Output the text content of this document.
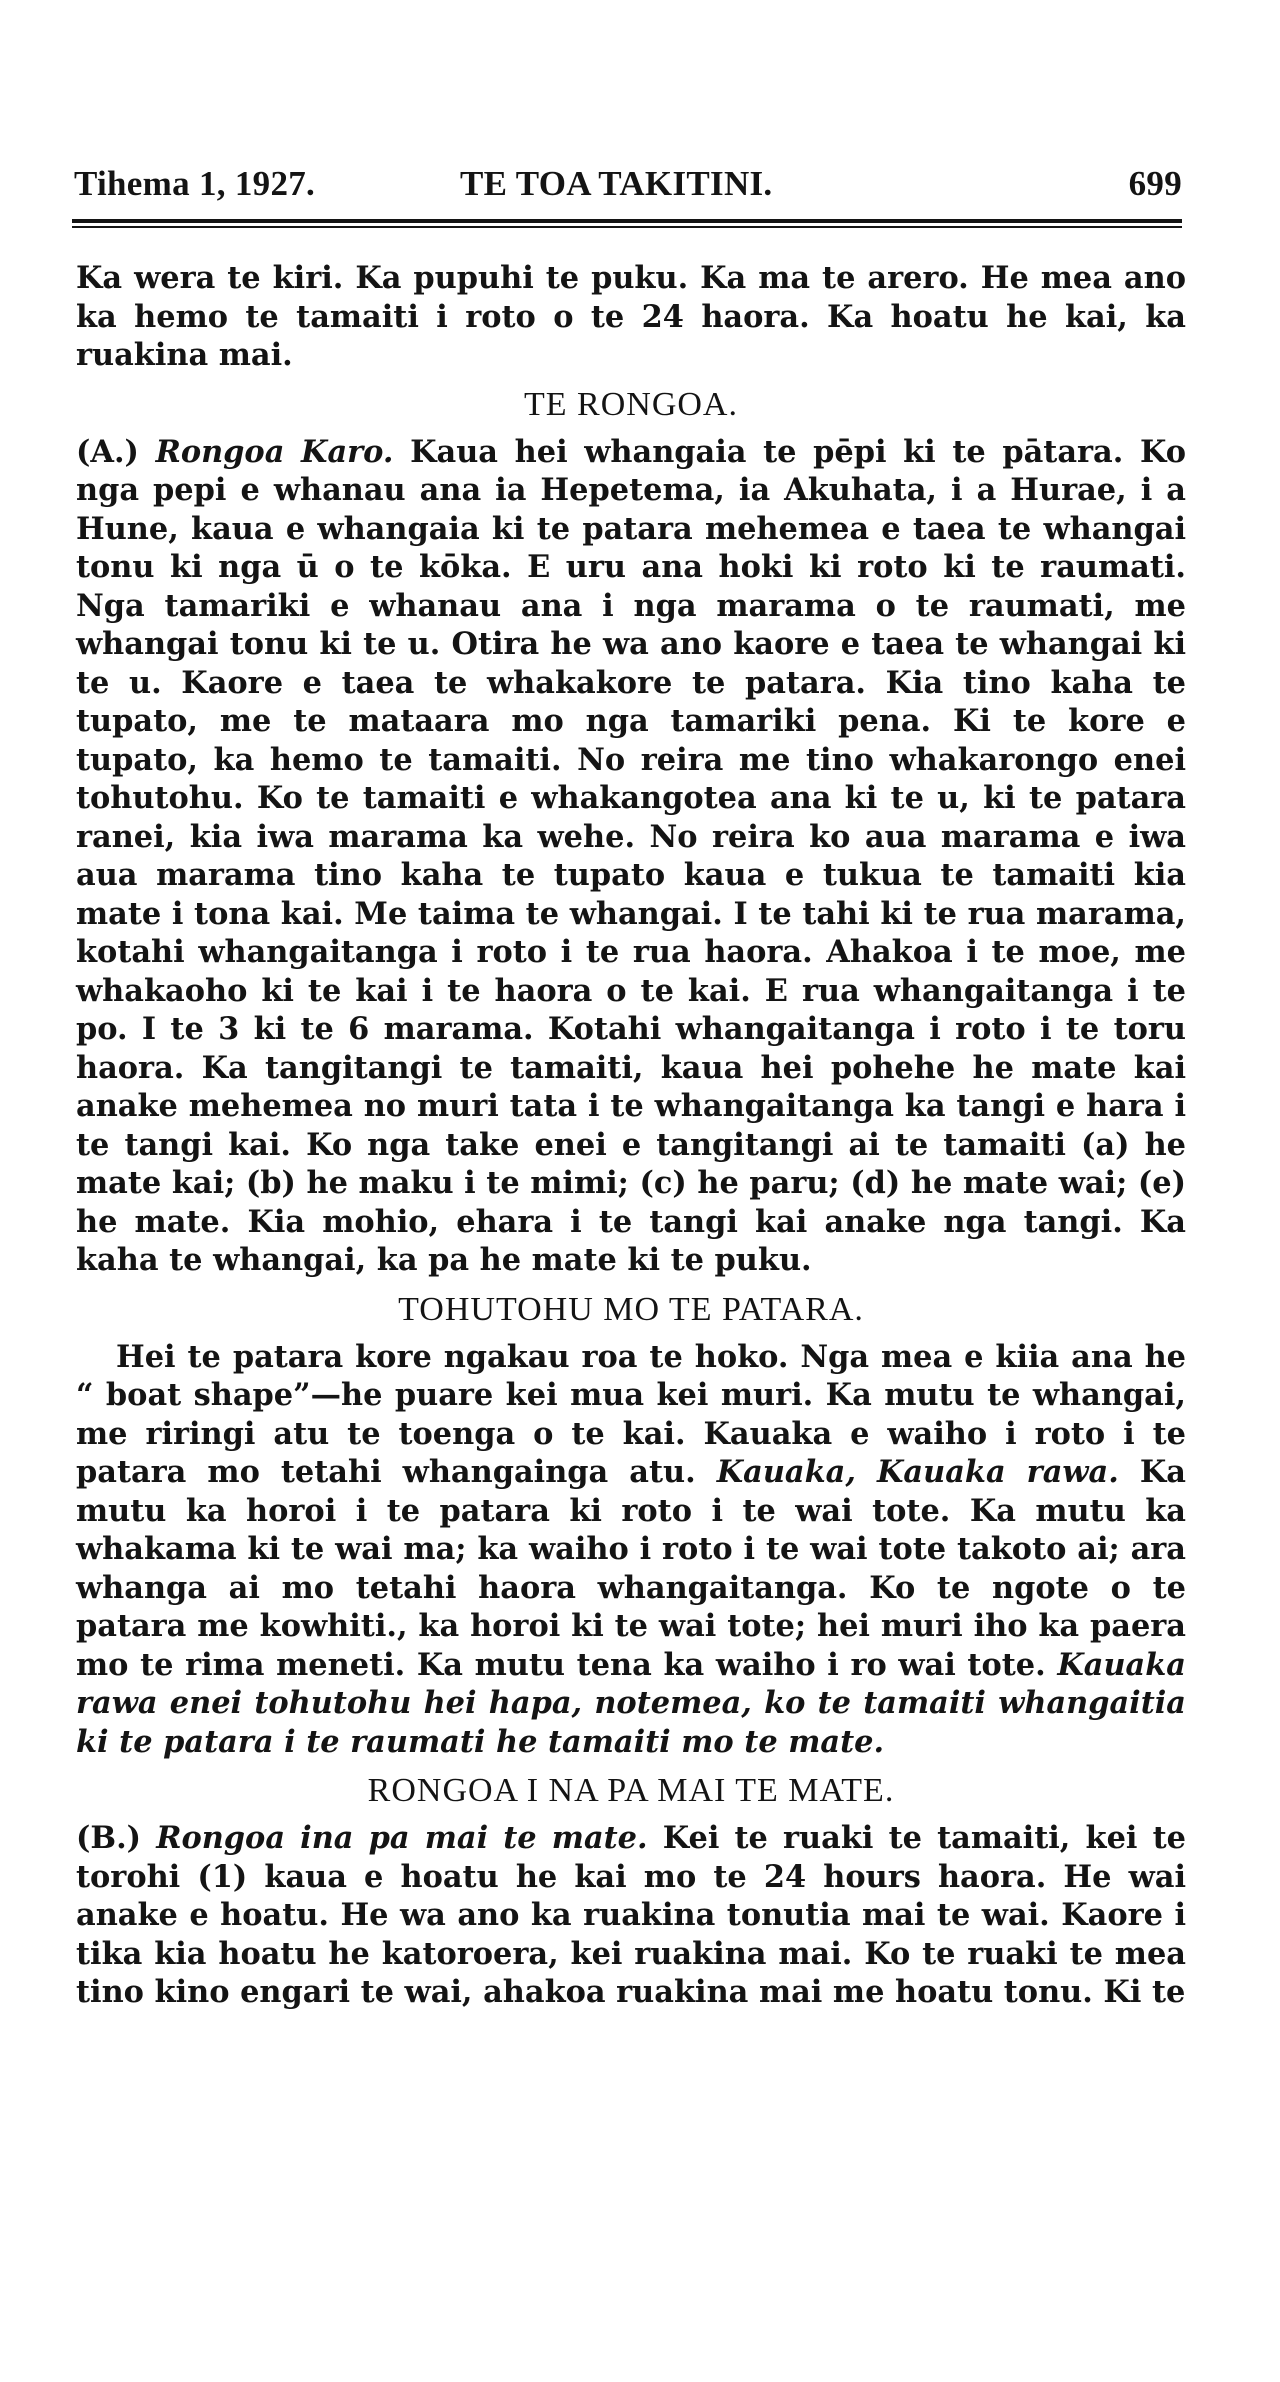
Tihema 1, 1927.	TE TOA TAKITINI.	699

Ka wera te kiri. Ka pupuhi te puku. Ka ma te arero. He mea ano ka hemo te tamaiti i roto o te 24 haora. Ka hoatu he kai, ka ruakina mai.

TE RONGOA.

(A.) Rongoa Karo. Kaua hei whangaia te pēpi ki te pātara. Ko nga pepi e whanau ana ia Hepetema, ia Akuhata, i a Hurae, i a Hune, kaua e whangaia ki te patara mehemea e taea te whangai tonu ki nga ū o te kōka. E uru ana hoki ki roto ki te raumati. Nga tamariki e whanau ana i nga marama o te raumati, me whangai tonu ki te u. Otira he wa ano kaore e taea te whangai ki te u. Kaore e taea te whakakore te patara. Kia tino kaha te tupato, me te mataara mo nga tamariki pena. Ki te kore e tupato, ka hemo te tamaiti. No reira me tino whakarongo enei tohutohu. Ko te tamaiti e whakangotea ana ki te u, ki te patara ranei, kia iwa marama ka wehe. No reira ko aua marama e iwa aua marama tino kaha te tupato kaua e tukua te tamaiti kia mate i tona kai. Me taima te whangai. I te tahi ki te rua marama, kotahi whangaitanga i roto i te rua haora. Ahakoa i te moe, me whakaoho ki te kai i te haora o te kai. E rua whangaitanga i te po. I te 3 ki te 6 marama. Kotahi whangaitanga i roto i te toru haora. Ka tangitangi te tamaiti, kaua hei pohehe he mate kai anake mehemea no muri tata i te whangaitanga ka tangi e hara i te tangi kai. Ko nga take enei e tangitangi ai te tamaiti (a) he mate kai; (b) he maku i te mimi; (c) he paru; (d) he mate wai; (e) he mate. Kia mohio, ehara i te tangi kai anake nga tangi. Ka kaha te whangai, ka pa he mate ki te puku.

TOHUTOHU MO TE PATARA.

Hei te patara kore ngakau roa te hoko. Nga mea e kiia ana he “ boat shape”—he puare kei mua kei muri. Ka mutu te whangai, me riringi atu te toenga o te kai. Kauaka e waiho i roto i te patara mo tetahi whangainga atu. Kauaka, Kauaka rawa. Ka mutu ka horoi i te patara ki roto i te wai tote. Ka mutu ka whakama ki te wai ma; ka waiho i roto i te wai tote takoto ai; ara whanga ai mo tetahi haora whangaitanga. Ko te ngote o te patara me kowhiti., ka horoi ki te wai tote; hei muri iho ka paera mo te rima meneti. Ka mutu tena ka waiho i ro wai tote. Kauaka rawa enei tohutohu hei hapa, notemea, ko te tamaiti whangaitia ki te patara i te raumati he tamaiti mo te mate.

RONGOA I NA PA MAI TE MATE.

(B.) Rongoa ina pa mai te mate. Kei te ruaki te tamaiti, kei te torohi (1) kaua e hoatu he kai mo te 24 hours haora. He wai anake e hoatu. He wa ano ka ruakina tonutia mai te wai. Kaore i tika kia hoatu he katoroera, kei ruakina mai. Ko te ruaki te mea tino kino engari te wai, ahakoa ruakina mai me hoatu tonu. Ki te
